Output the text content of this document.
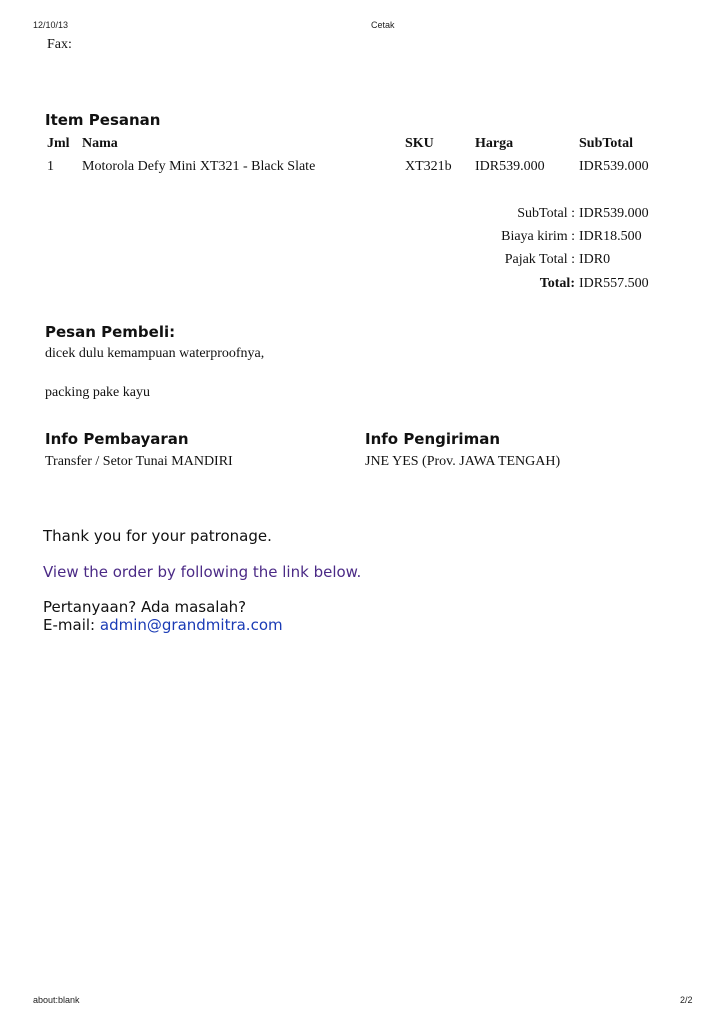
12/10/13	Cetak
Fax:
Item Pesanan
Jml Nama	SKU	Harga	SubTotal
1 Motorola Defy Mini XT321 - Black Slate	XT321b IDR539.000 IDR539.000
SubTotal : IDR539.000
Biaya kirim : IDR18.500
Pajak Total : IDR0
Total: IDR557.500
Pesan Pembeli:
dicek dulu kemampuan waterproofnya,
packing pake kayu
Info Pembayaran
Transfer / Setor Tunai MANDIRI
Info Pengiriman
JNE YES (Prov. JAWA TENGAH)
Thank you for your patronage.
View the order by following the link below.
Pertanyaan? Ada masalah?
E-mail: admin@grandmitra.com
about:blank	2/2
